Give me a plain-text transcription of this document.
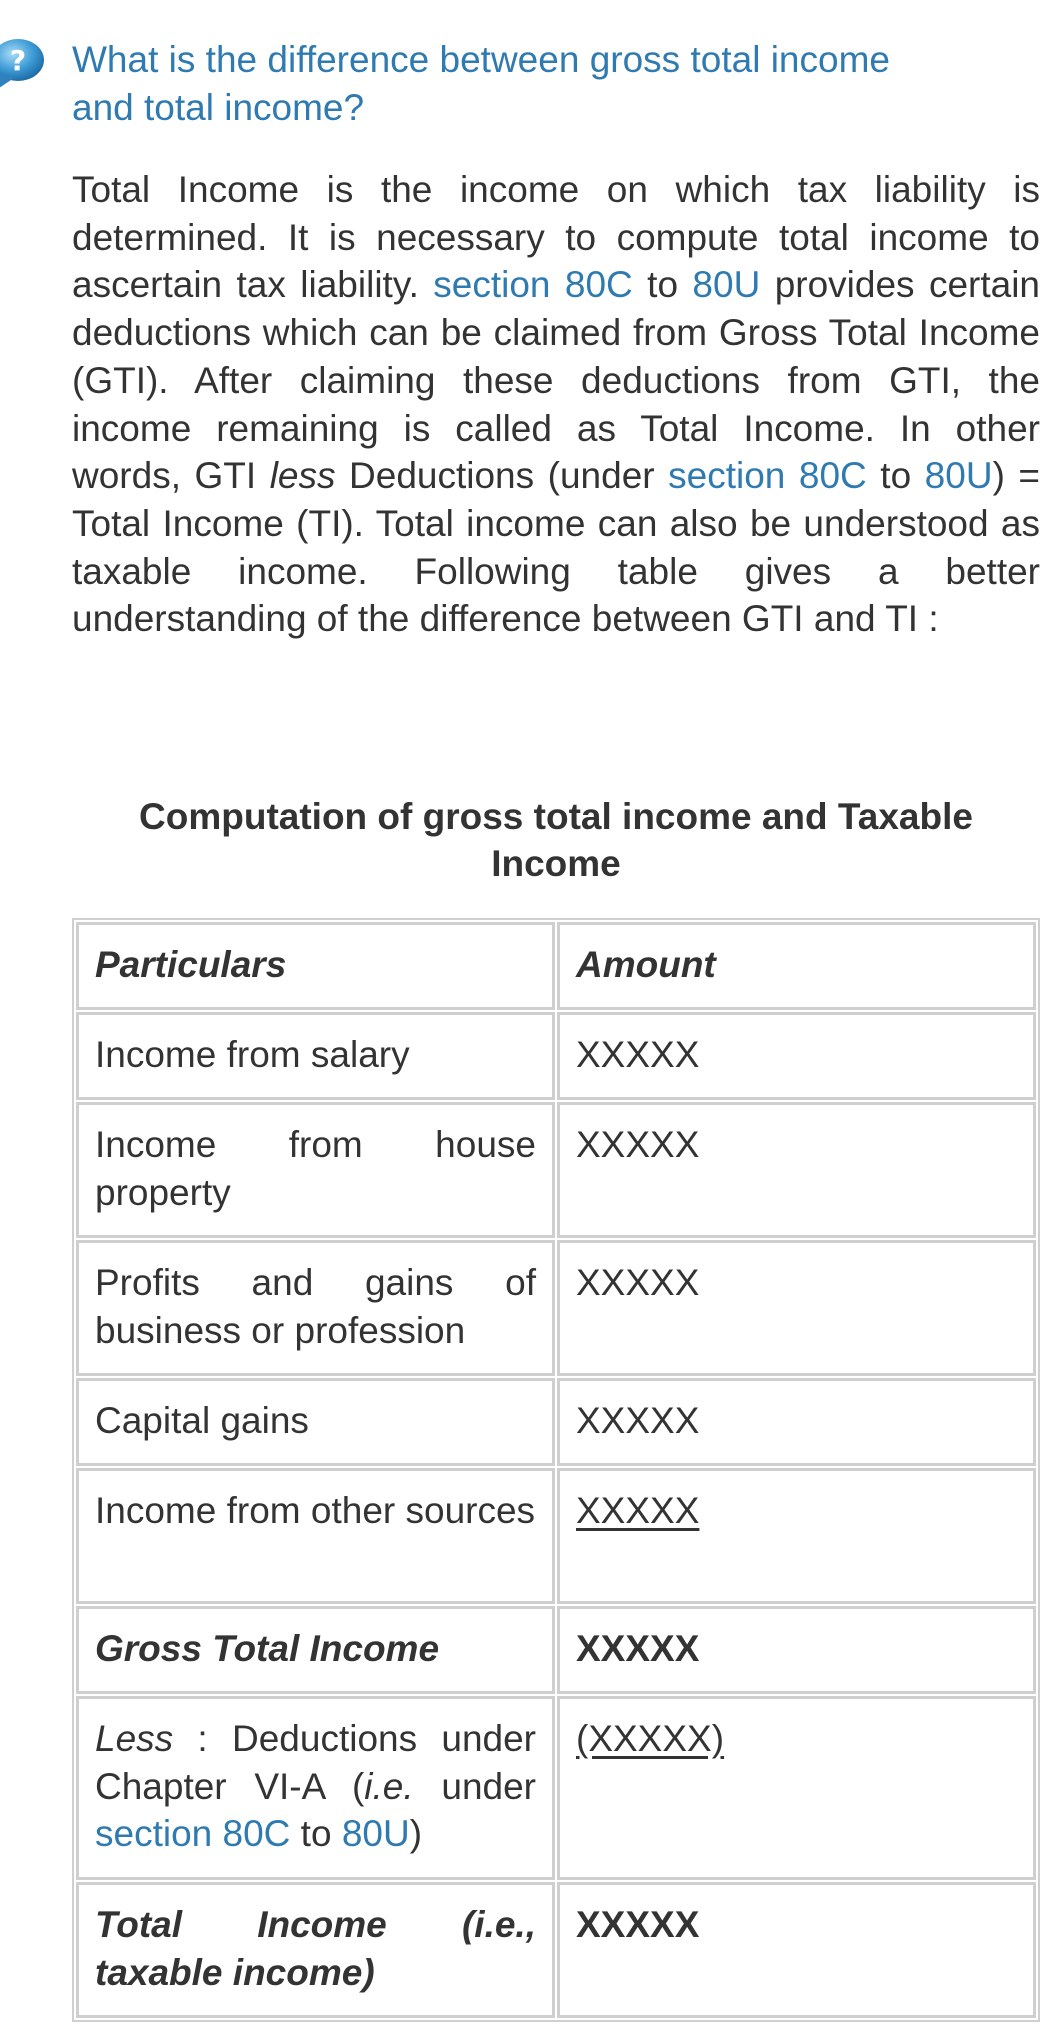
?	What is the difference between gross total income and total income?

Total Income is the income on which tax liability is determined. It is necessary to compute total income to ascertain tax liability. section 80C to 80U provides certain deductions which can be claimed from Gross Total Income (GTI). After claiming these deductions from GTI, the income remaining is called as Total Income. In other words, GTI less Deductions (under section 80C to 80U) = Total Income (TI). Total income can also be understood as taxable income. Following table gives a better understanding of the difference between GTI and TI :

Computation of gross total income and Taxable Income
Particulars	Amount
Income from salary	XXXXX
Income from house property	XXXXX
Profits and gains of business or profession	XXXXX
Capital gains	XXXXX
Income from other sources	XXXXX
Gross Total Income	XXXXX
Less : Deductions under Chapter VI-A (i.e. under section 80C to 80U)	(XXXXX)
Total Income (i.e., taxable income)	XXXXX
